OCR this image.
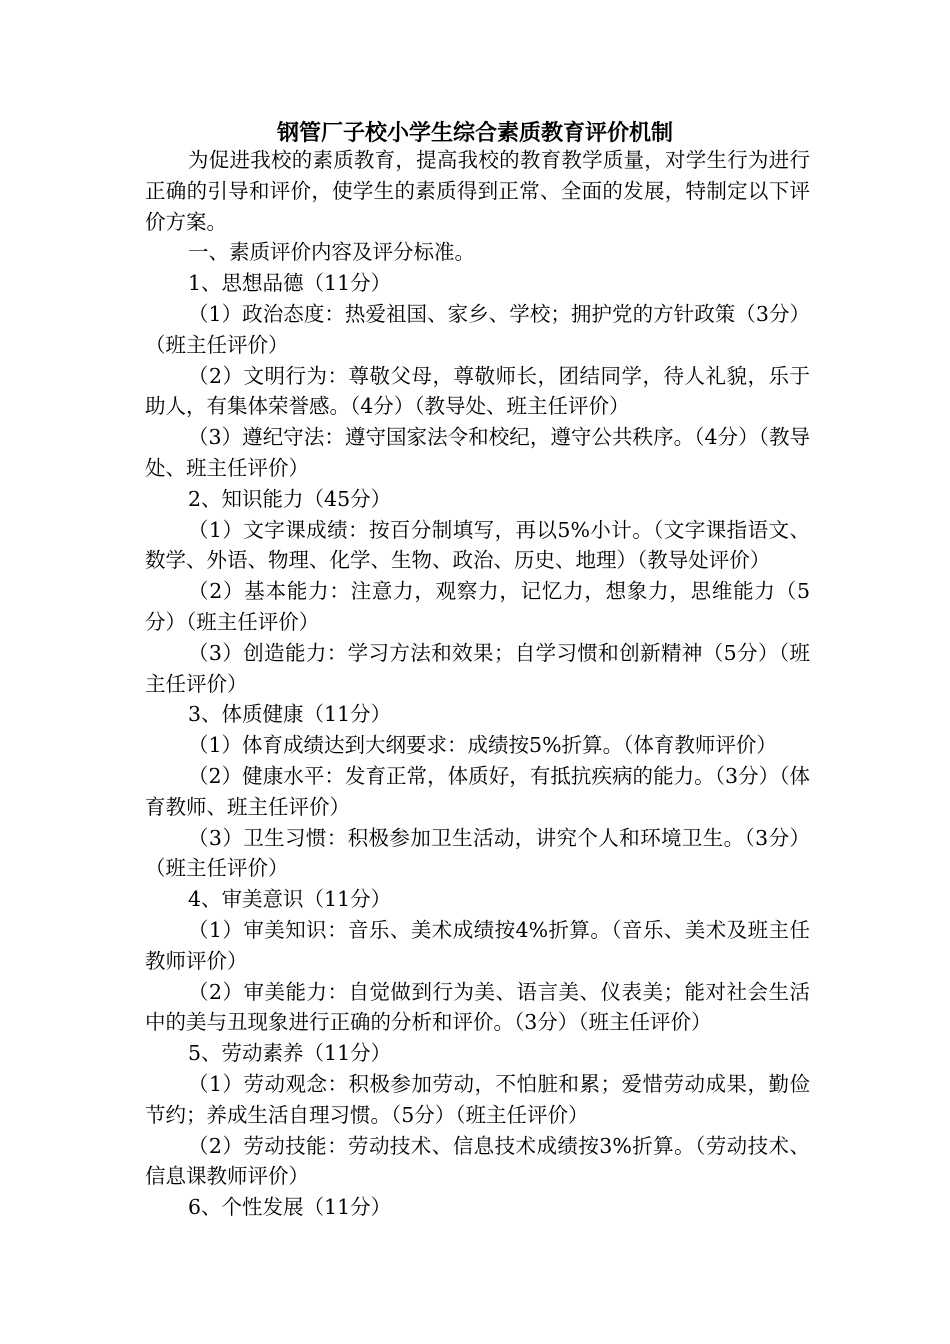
钢管厂子校小学生综合素质教育评价机制

为促进我校的素质教育，提高我校的教育教学质量，对学生行为进行正确的引导和评价，使学生的素质得到正常、全面的发展，特制定以下评价方案。

一、素质评价内容及评分标准。

1、思想品德（11分）

（1）政治态度：热爱祖国、家乡、学校；拥护党的方针政策（3分）（班主任评价）

（2）文明行为：尊敬父母，尊敬师长，团结同学，待人礼貌，乐于助人，有集体荣誉感。（4分）（教导处、班主任评价）

（3）遵纪守法：遵守国家法令和校纪，遵守公共秩序。（4分）（教导处、班主任评价）

2、知识能力（45分）

（1）文字课成绩：按百分制填写，再以5%小计。（文字课指语文、数学、外语、物理、化学、生物、政治、历史、地理）（教导处评价）

（2）基本能力：注意力，观察力，记忆力，想象力，思维能力（5分）（班主任评价）

（3）创造能力：学习方法和效果；自学习惯和创新精神（5分）（班主任评价）

3、体质健康（11分）

（1）体育成绩达到大纲要求：成绩按5%折算。（体育教师评价）

（2）健康水平：发育正常，体质好，有抵抗疾病的能力。（3分）（体育教师、班主任评价）

（3）卫生习惯：积极参加卫生活动，讲究个人和环境卫生。（3分）（班主任评价）

4、审美意识（11分）

（1）审美知识：音乐、美术成绩按4%折算。（音乐、美术及班主任教师评价）

（2）审美能力：自觉做到行为美、语言美、仪表美；能对社会生活中的美与丑现象进行正确的分析和评价。（3分）（班主任评价）

5、劳动素养（11分）

（1）劳动观念：积极参加劳动，不怕脏和累；爱惜劳动成果，勤俭节约；养成生活自理习惯。（5分）（班主任评价）

（2）劳动技能：劳动技术、信息技术成绩按3%折算。（劳动技术、信息课教师评价）

6、个性发展（11分）
